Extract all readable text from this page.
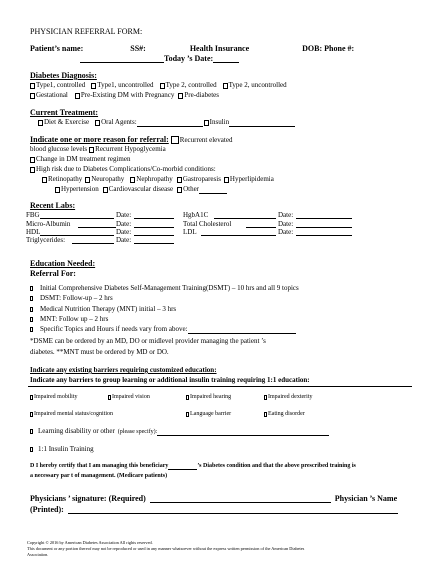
PHYSICIAN REFERRAL FORM:
Patient’s name:	SS#:	Health Insurance	DOB: Phone #:
Today ’s Date:
Diabetes Diagnosis:
Type1, controlled Type1, uncontrolled Type 2, controlled Type 2, uncontrolled
Gestational Pre-Existing DM with Pregnancy Pre-diabetes
Current Treatment:
Diet & Exercise Oral Agents:	Insulin
Indicate one or more reason for referral: Recurrent elevated
blood glucose levels Recurrent Hypoglycemia
Change in DM treatment regimen
High risk due to Diabetes Complications/Co-morbid conditions:
Retinopathy Neuropathy Nephropathy Gastroparesis Hyperlipidemia
Hypertension Cardiovascular disease Other
Recent Labs:
FBG	Date:	HgbA1C	Date:
Micro-Albumin	Date:	Total Cholesterol	Date:
HDL	Date:	LDL	Date:
Triglycerides:	Date:
Education Needed:
Referral For:
Initial Comprehensive Diabetes Self-Management Training(DSMT) – 10 hrs and all 9 topics
DSMT: Follow-up – 2 hrs
Medical Nutrition Therapy (MNT) initial – 3 hrs
MNT: Follow up – 2 hrs
Specific Topics and Hours if needs vary from above:
*DSME can be ordered by an MD, DO or midlevel provider managing the patient ’s
diabetes. **MNT must be ordered by MD or DO.
Indicate any existing barriers requiring customized education:
Indicate any barriers to group learning or additional insulin training requiring 1:1 education:
Impaired mobility	Impaired vision	Impaired hearing	Impaired dexterity
Impaired mental status/cognition	Language barrier	Eating disorder
Learning disability or other (please specify):
1:1 Insulin Training
D I hereby certify that I am managing this beneficiary	’s Diabetes condition and that the above prescribed training is
a necessary par t of management. (Medicare patients)
Physicians ’ signature: (Required)	Physician ’s Name
(Printed):
Copyright © 2016 by American Diabetes Association All rights reserved.
This document or any portion thereof may not be reproduced or used in any manner whatsoever without the express written permission of the American Diabetes
Association.
